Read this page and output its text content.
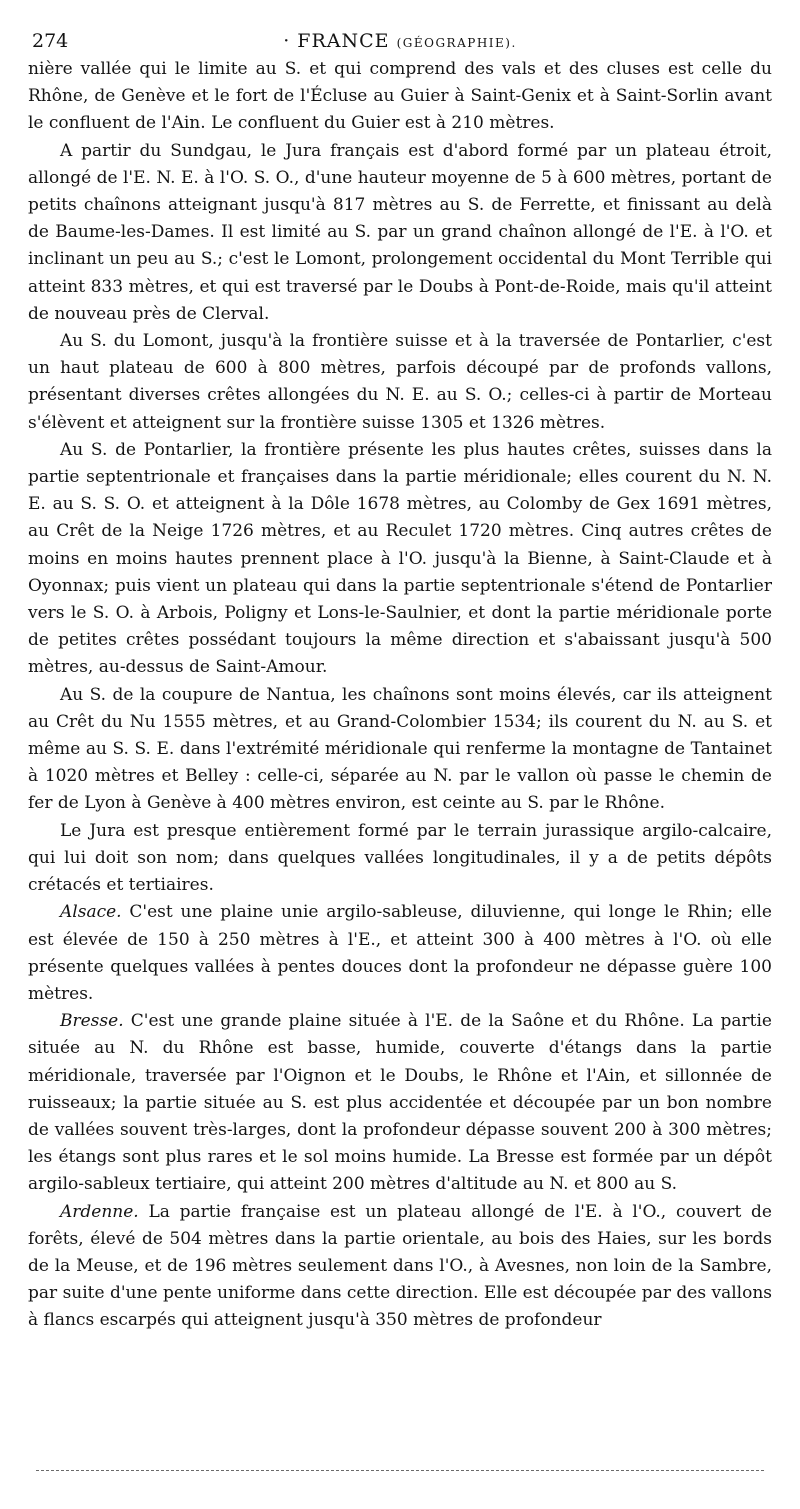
274	· FRANCE (GÉOGRAPHIE).

nière vallée qui le limite au S. et qui comprend des vals et des cluses est celle du Rhône, de Genève et le fort de l'Écluse au Guier à Saint-Genix et à Saint-Sorlin avant le confluent de l'Ain. Le confluent du Guier est à 210 mètres.

A partir du Sundgau, le Jura français est d'abord formé par un plateau étroit, allongé de l'E. N. E. à l'O. S. O., d'une hauteur moyenne de 5 à 600 mètres, portant de petits chaînons atteignant jusqu'à 817 mètres au S. de Ferrette, et finissant au delà de Baume-les-Dames. Il est limité au S. par un grand chaînon allongé de l'E. à l'O. et inclinant un peu au S.; c'est le Lomont, prolongement occidental du Mont Terrible qui atteint 833 mètres, et qui est traversé par le Doubs à Pont-de-Roide, mais qu'il atteint de nouveau près de Clerval.

Au S. du Lomont, jusqu'à la frontière suisse et à la traversée de Pontarlier, c'est un haut plateau de 600 à 800 mètres, parfois découpé par de profonds vallons, présentant diverses crêtes allongées du N. E. au S. O.; celles-ci à partir de Morteau s'élèvent et atteignent sur la frontière suisse 1305 et 1326 mètres.

Au S. de Pontarlier, la frontière présente les plus hautes crêtes, suisses dans la partie septentrionale et françaises dans la partie méridionale; elles courent du N. N. E. au S. S. O. et atteignent à la Dôle 1678 mètres, au Colomby de Gex 1691 mètres, au Crêt de la Neige 1726 mètres, et au Reculet 1720 mètres. Cinq autres crêtes de moins en moins hautes prennent place à l'O. jusqu'à la Bienne, à Saint-Claude et à Oyonnax; puis vient un plateau qui dans la partie septentrionale s'étend de Pontarlier vers le S. O. à Arbois, Poligny et Lons-le-Saulnier, et dont la partie méridionale porte de petites crêtes possédant toujours la même direction et s'abaissant jusqu'à 500 mètres, au-dessus de Saint-Amour.

Au S. de la coupure de Nantua, les chaînons sont moins élevés, car ils atteignent au Crêt du Nu 1555 mètres, et au Grand-Colombier 1534; ils courent du N. au S. et même au S. S. E. dans l'extrémité méridionale qui renferme la montagne de Tantainet à 1020 mètres et Belley : celle-ci, séparée au N. par le vallon où passe le chemin de fer de Lyon à Genève à 400 mètres environ, est ceinte au S. par le Rhône.

Le Jura est presque entièrement formé par le terrain jurassique argilo-calcaire, qui lui doit son nom; dans quelques vallées longitudinales, il y a de petits dépôts crétacés et tertiaires.

Alsace. C'est une plaine unie argilo-sableuse, diluvienne, qui longe le Rhin; elle est élevée de 150 à 250 mètres à l'E., et atteint 300 à 400 mètres à l'O. où elle présente quelques vallées à pentes douces dont la profondeur ne dépasse guère 100 mètres.

Bresse. C'est une grande plaine située à l'E. de la Saône et du Rhône. La partie située au N. du Rhône est basse, humide, couverte d'étangs dans la partie méridionale, traversée par l'Oignon et le Doubs, le Rhône et l'Ain, et sillonnée de ruisseaux; la partie située au S. est plus accidentée et découpée par un bon nombre de vallées souvent très-larges, dont la profondeur dépasse souvent 200 à 300 mètres; les étangs sont plus rares et le sol moins humide. La Bresse est formée par un dépôt argilo-sableux tertiaire, qui atteint 200 mètres d'altitude au N. et 800 au S.

Ardenne. La partie française est un plateau allongé de l'E. à l'O., couvert de forêts, élevé de 504 mètres dans la partie orientale, au bois des Haies, sur les bords de la Meuse, et de 196 mètres seulement dans l'O., à Avesnes, non loin de la Sambre, par suite d'une pente uniforme dans cette direction. Elle est découpée par des vallons à flancs escarpés qui atteignent jusqu'à 350 mètres de profondeur
